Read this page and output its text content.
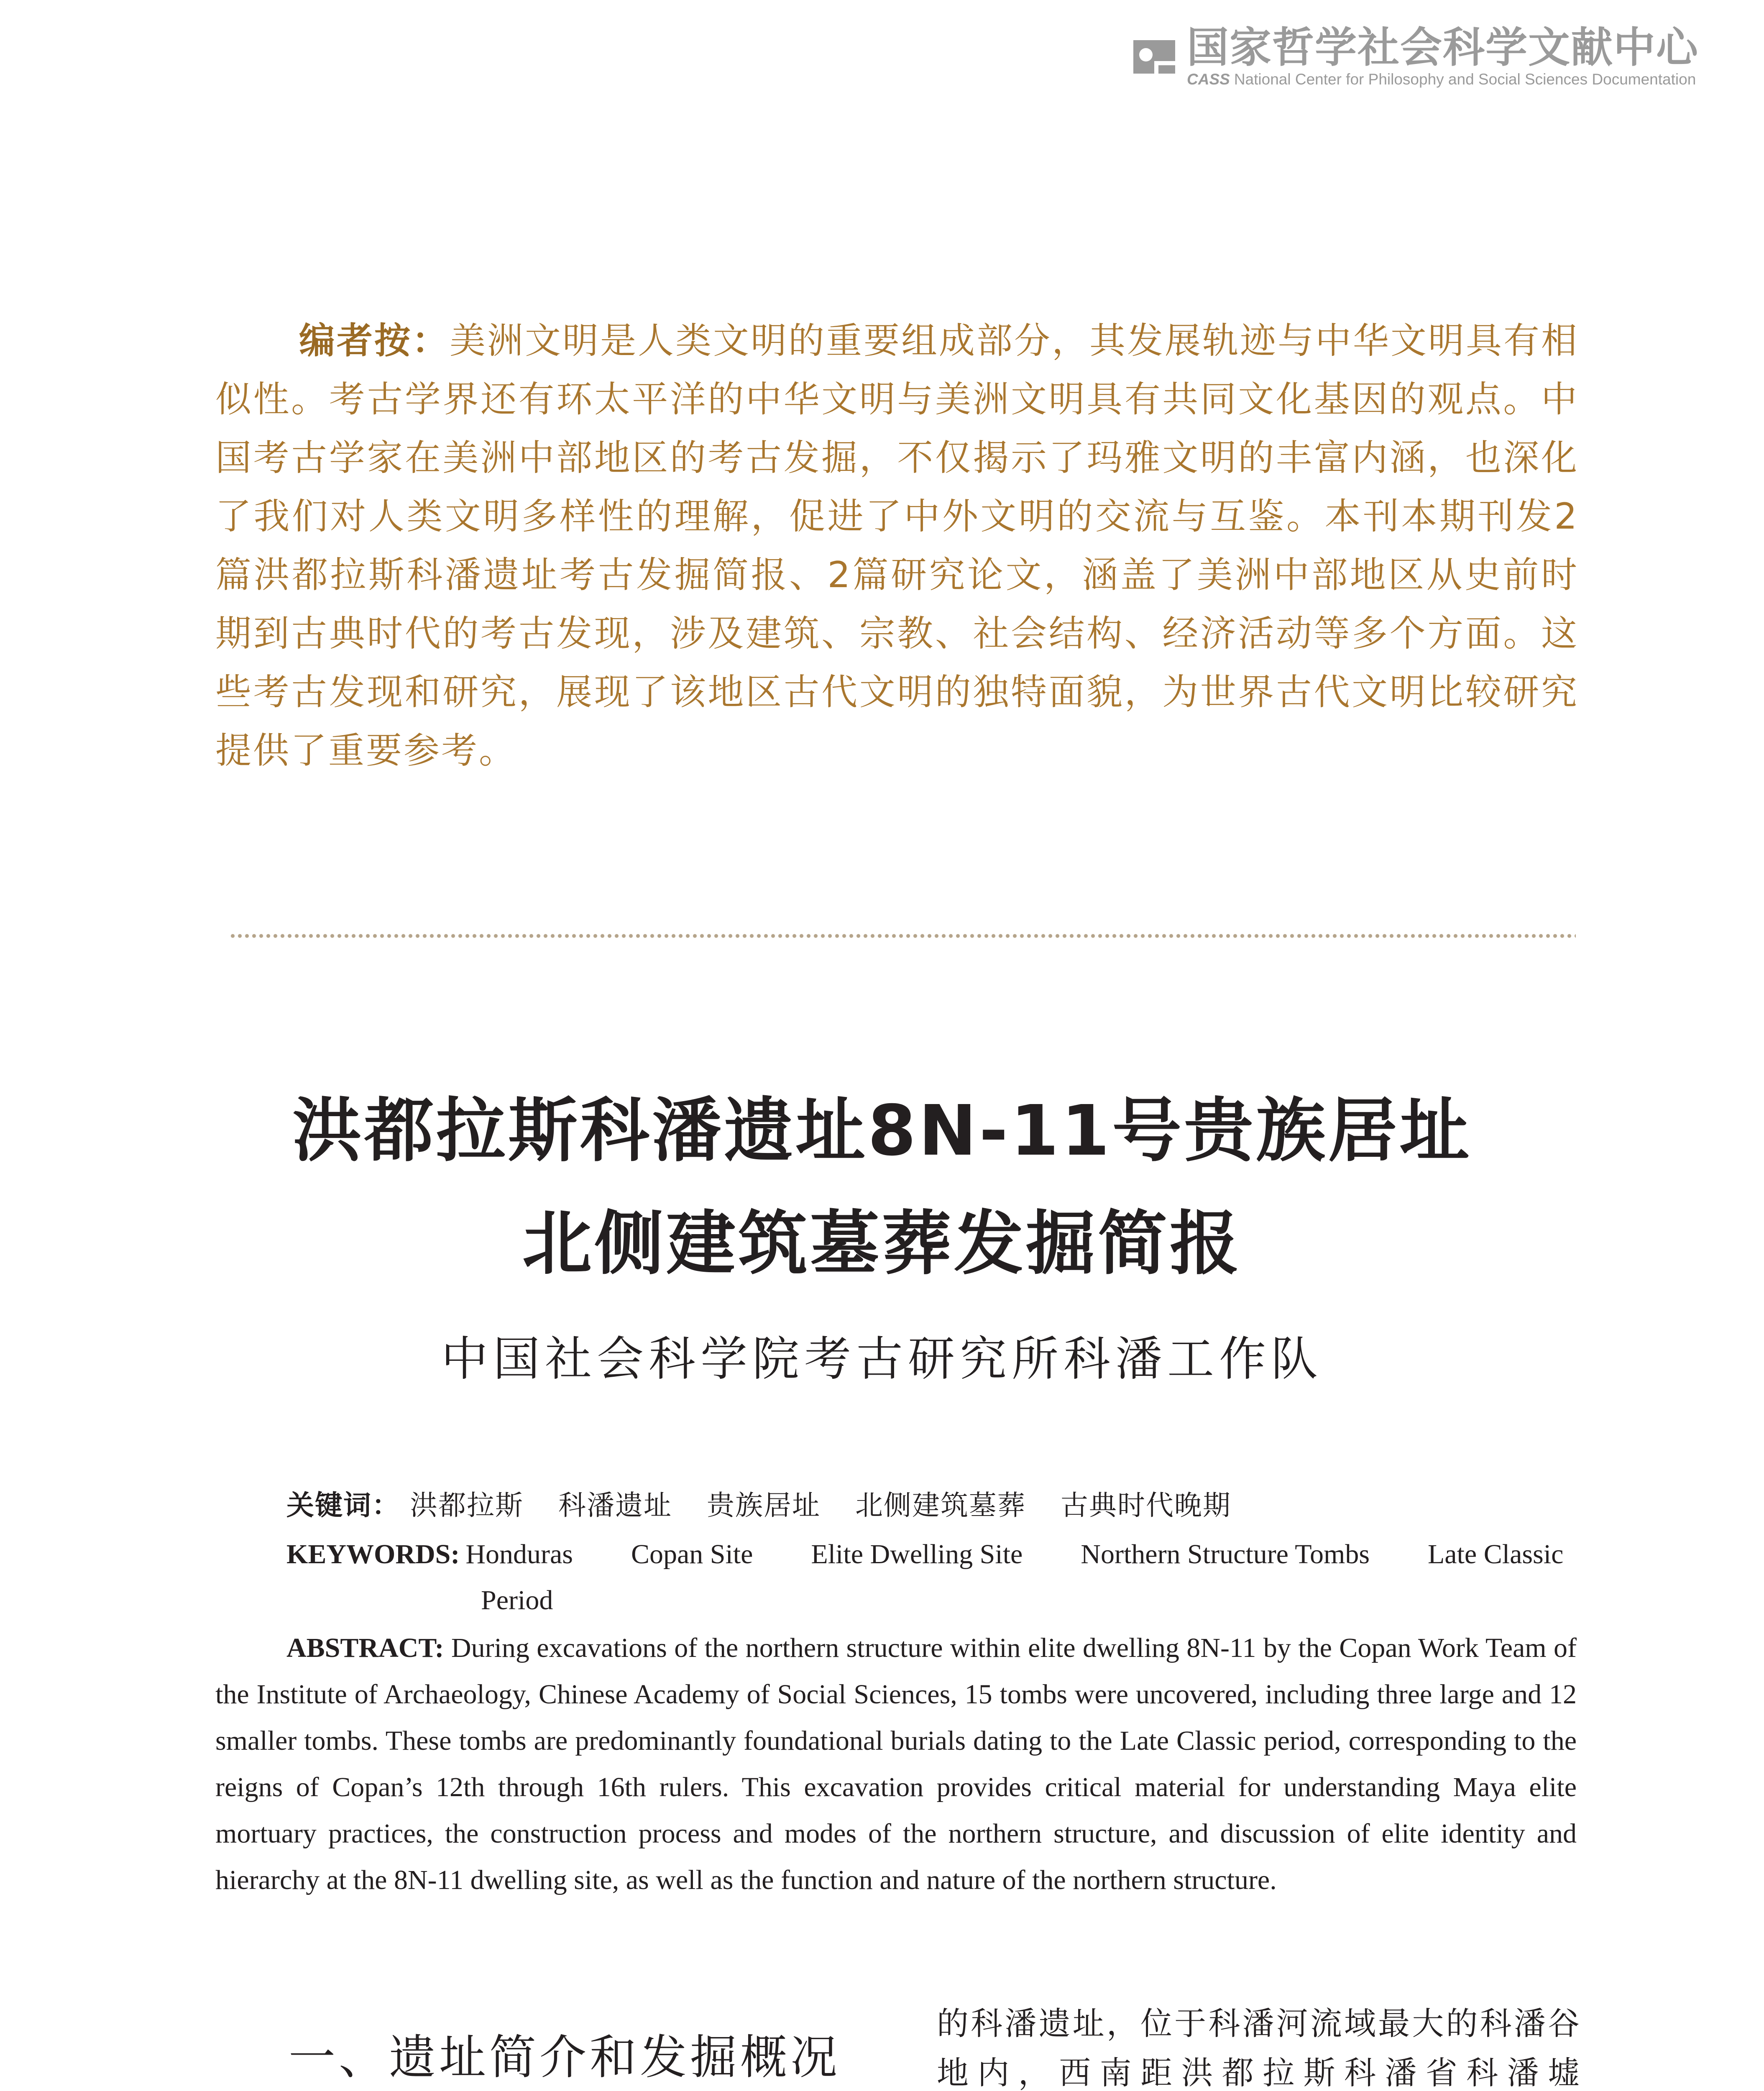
国家哲学社会科学文献中心
CASS National Center for Philosophy and Social Sciences Documentation
编者按：美洲文明是人类文明的重要组成部分，其发展轨迹与中华文明具有相似性。考古学界还有环太平洋的中华文明与美洲文明具有共同文化基因的观点。中国考古学家在美洲中部地区的考古发掘，不仅揭示了玛雅文明的丰富内涵，也深化了我们对人类文明多样性的理解，促进了中外文明的交流与互鉴。本刊本期刊发2篇洪都拉斯科潘遗址考古发掘简报、2篇研究论文，涵盖了美洲中部地区从史前时期到古典时代的考古发现，涉及建筑、宗教、社会结构、经济活动等多个方面。这些考古发现和研究，展现了该地区古代文明的独特面貌，为世界古代文明比较研究提供了重要参考。
洪都拉斯科潘遗址8N-11号贵族居址
北侧建筑墓葬发掘简报
中国社会科学院考古研究所科潘工作队
关键词： 洪都拉斯 科潘遗址 贵族居址 北侧建筑墓葬 古典时代晚期
KEYWORDS: Honduras Copan Site Elite Dwelling Site Northern Structure Tombs Late Classic
Period
ABSTRACT: During excavations of the northern structure within elite dwelling 8N-11 by the Copan Work Team of the Institute of Archaeology, Chinese Academy of Social Sciences, 15 tombs were uncovered, including three large and 12 smaller tombs. These tombs are predominantly foundational burials dating to the Late Classic period, corresponding to the reigns of Copan’s 12th through 16th rulers. This excavation provides critical material for understanding Maya elite mortuary practices, the construction process and modes of the northern structure, and discussion of elite identity and hierarchy at the 8N-11 dwelling site, as well as the function and nature of the northern structure.
一、遗址简介和发掘概况
的科潘遗址，位于科潘河流域最大的科潘谷地内，西南距洪都拉斯科潘省科潘墟
